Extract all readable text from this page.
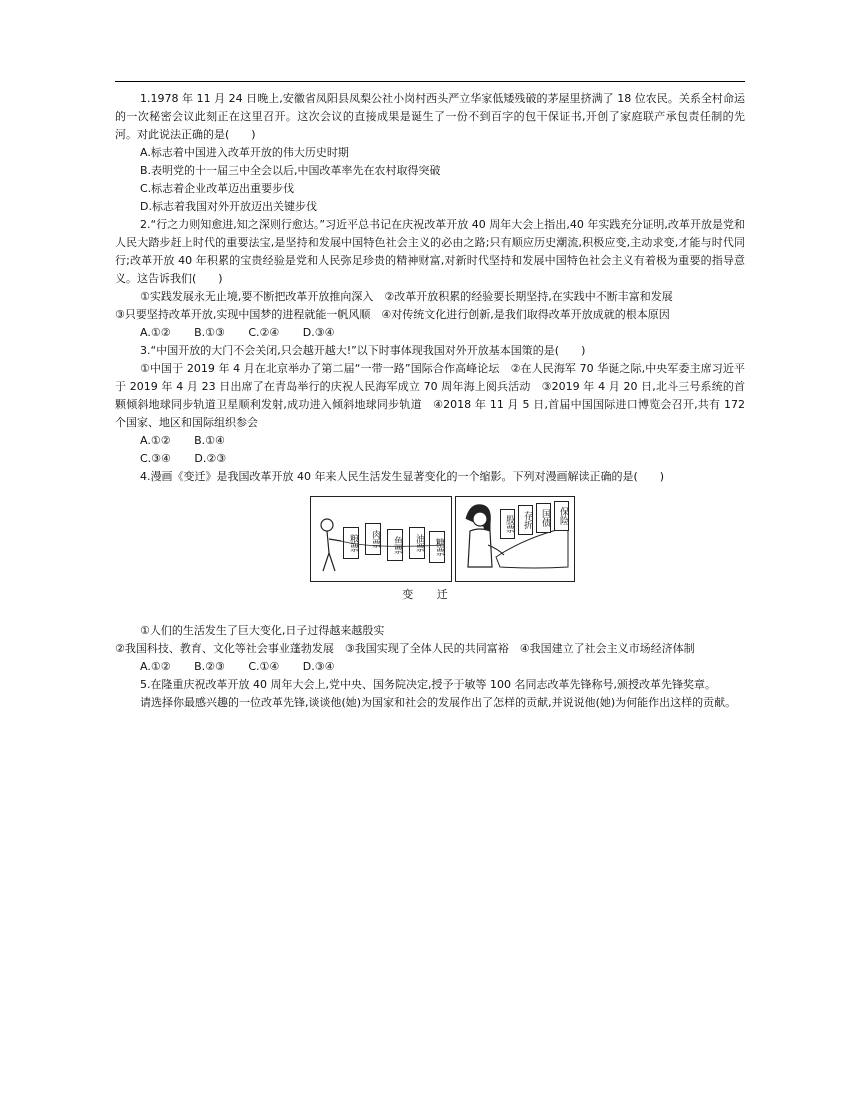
1.1978 年 11 月 24 日晚上,安徽省凤阳县凤梨公社小岗村西头严立华家低矮残破的茅屋里挤满了 18 位农民。关系全村命运的一次秘密会议此刻正在这里召开。这次会议的直接成果是诞生了一份不到百字的包干保证书,开创了家庭联产承包责任制的先河。对此说法正确的是(　　)

A.标志着中国进入改革开放的伟大历史时期

B.表明党的十一届三中全会以后,中国改革率先在农村取得突破

C.标志着企业改革迈出重要步伐

D.标志着我国对外开放迈出关键步伐

2.“行之力则知愈进,知之深则行愈达。”习近平总书记在庆祝改革开放 40 周年大会上指出,40 年实践充分证明,改革开放是党和人民大踏步赶上时代的重要法宝,是坚持和发展中国特色社会主义的必由之路;只有顺应历史潮流,积极应变,主动求变,才能与时代同行;改革开放 40 年积累的宝贵经验是党和人民弥足珍贵的精神财富,对新时代坚持和发展中国特色社会主义有着极为重要的指导意义。这告诉我们(　　)

①实践发展永无止境,要不断把改革开放推向深入　②改革开放积累的经验要长期坚持,在实践中不断丰富和发展

③只要坚持改革开放,实现中国梦的进程就能一帆风顺　④对传统文化进行创新,是我们取得改革开放成就的根本原因

A.①② B.①③ C.②④ D.③④

3.“中国开放的大门不会关闭,只会越开越大!”以下时事体现我国对外开放基本国策的是(　　)

①中国于 2019 年 4 月在北京举办了第二届“一带一路”国际合作高峰论坛　②在人民海军 70 华诞之际,中央军委主席习近平于 2019 年 4 月 23 日出席了在青岛举行的庆祝人民海军成立 70 周年海上阅兵活动　③2019 年 4 月 20 日,北斗三号系统的首颗倾斜地球同步轨道卫星顺利发射,成功进入倾斜地球同步轨道　④2018 年 11 月 5 日,首届中国国际进口博览会召开,共有 172 个国家、地区和国际组织参会

A.①② B.①④

C.③④ D.②③

4.漫画《变迁》是我国改革开放 40 年来人民生活发生显著变化的一个缩影。下列对漫画解读正确的是(　　)

粮票	肉票	鱼票	油票	糖票
股票 存折 国债 保险
变 迁

①人们的生活发生了巨大变化,日子过得越来越殷实

②我国科技、教育、文化等社会事业蓬勃发展　③我国实现了全体人民的共同富裕　④我国建立了社会主义市场经济体制

A.①② B.②③ C.①④ D.③④

5.在隆重庆祝改革开放 40 周年大会上,党中央、国务院决定,授予于敏等 100 名同志改革先锋称号,颁授改革先锋奖章。

请选择你最感兴趣的一位改革先锋,谈谈他(她)为国家和社会的发展作出了怎样的贡献,并说说他(她)为何能作出这样的贡献。
